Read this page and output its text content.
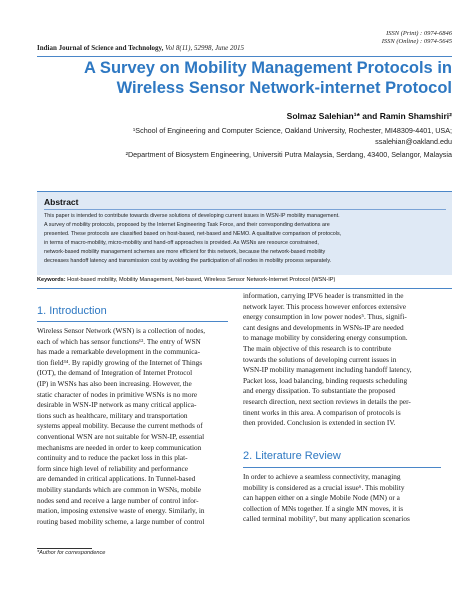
ISSN (Print) : 0974-6846
ISSN (Online) : 0974-5645
Indian Journal of Science and Technology, Vol 8(11), 52998, June 2015
A Survey on Mobility Management Protocols in
Wireless Sensor Network-internet Protocol
Solmaz Salehian¹* and Ramin Shamshiri²
¹School of Engineering and Computer Science, Oakland University, Rochester, MI48309-4401, USA;
ssalehian@oakland.edu
²Department of Biosystem Engineering, Universiti Putra Malaysia, Serdang, 43400, Selangor, Malaysia
Abstract
This paper is intended to contribute towards diverse solutions of developing current issues in WSN-IP mobility management.
A survey of mobility protocols, proposed by the Internet Engineering Task Force, and their corresponding derivations are
presented. These protocols are classified based on host-based, net-based and NEMO. A qualitative comparison of protocols,
in terms of macro-mobility, micro-mobility and hand-off approaches is provided. As WSNs are resource constrained,
network-based mobility management schemes are more efficient for this network, because the network-based mobility
decreases handoff latency and transmission cost by avoiding the participation of all nodes in mobility process separately.
Keywords: Host-based mobility, Mobility Management, Net-based, Wireless Sensor Network-Internet Protocol (WSN-IP)
1. Introduction

Wireless Sensor Network (WSN) is a collection of nodes,

each of which has sensor functions¹². The entry of WSN

has made a remarkable development in the communica-

tion field³⁴. By rapidly growing of the Internet of Things

(IOT), the demand of Integration of Internet Protocol

(IP) in WSNs has also been increasing. However, the

static character of nodes in primitive WSNs is no more

desirable in WSN-IP network as many critical applica-

tions such as healthcare, military and transportation

systems appeal mobility. Because the current methods of

conventional WSN are not suitable for WSN-IP, essential

mechanisms are needed in order to keep communication

continuity and to reduce the packet loss in this plat-

form since high level of reliability and performance

are demanded in critical applications. In Tunnel-based

mobility standards which are common in WSNs, mobile

nodes send and receive a large number of control infor-

mation, imposing extensive waste of energy. Similarly, in

routing based mobility scheme, a large number of control

information, carrying IPV6 header is transmitted in the

network layer. This process however enforces extensive

energy consumption in low power nodes⁵. Thus, signifi-

cant designs and developments in WSNs-IP are needed

to manage mobility by considering energy consumption.

The main objective of this research is to contribute

towards the solutions of developing current issues in

WSN-IP mobility management including handoff latency,

Packet loss, load balancing, binding requests scheduling

and energy dissipation. To substantiate the proposed

research direction, next section reviews in details the per-

tinent works in this area. A comparison of protocols is

then provided. Conclusion is extended in section IV.

2. Literature Review

In order to achieve a seamless connectivity, managing

mobility is considered as a crucial issue⁶. This mobility

can happen either on a single Mobile Node (MN) or a

collection of MNs together. If a single MN moves, it is

called terminal mobility⁷, but many application scenarios

*Author for correspondence
